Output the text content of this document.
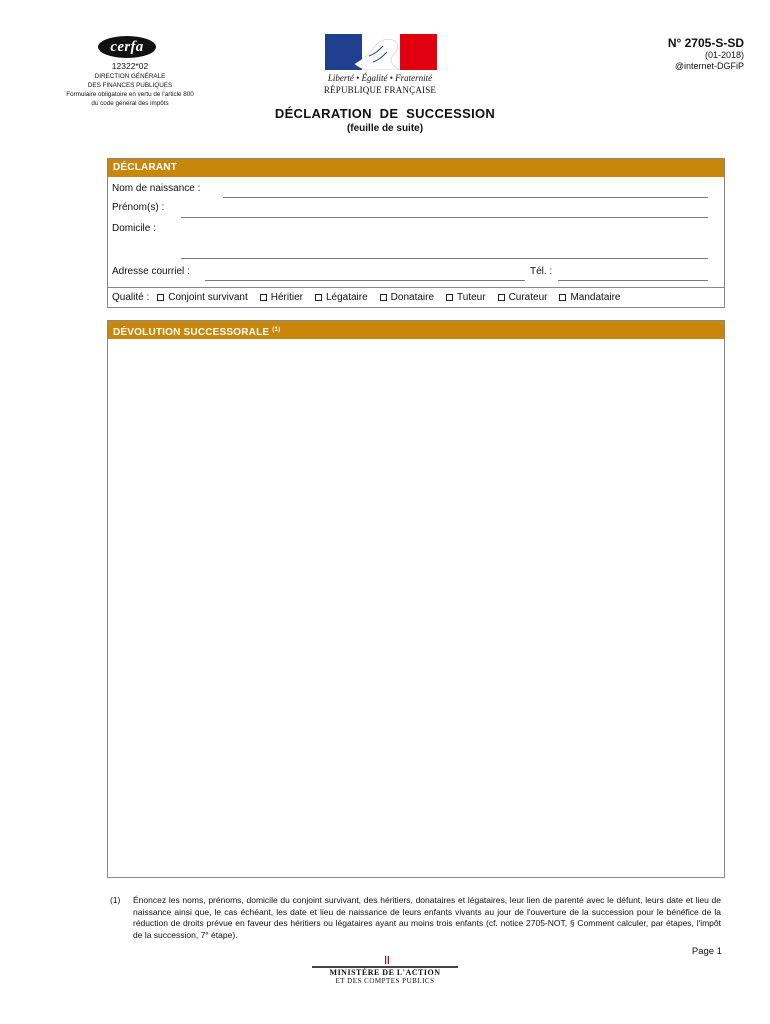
cerfa
12322*02
DIRECTION GÉNÉRALE
DES FINANCES PUBLIQUES
Formulaire obligatoire en vertu de l'article 800
du code général des impôts
Liberté • Égalité • Fraternité
RÉPUBLIQUE FRANÇAISE
N° 2705-S-SD
(01-2018)
@internet-DGFiP
DÉCLARATION  DE  SUCCESSION
(feuille de suite)
DÉCLARANT
Nom de naissance :
Prénom(s) :
Domicile :
Adresse courriel :	Tél. :
Qualité : Conjoint survivant Héritier Légataire Donataire Tuteur Curateur Mandataire
DÉVOLUTION SUCCESSORALE $^{(1)}$
(1) Énoncez les noms, prénoms, domicile du conjoint survivant, des héritiers, donataires et légataires, leur lien de parenté avec le défunt, leurs date et lieu de naissance ainsi que, le cas échéant, les date et lieu de naissance de leurs enfants vivants au jour de l'ouverture de la succession pour le bénéfice de la réduction de droits prévue en faveur des héritiers ou légataires ayant au moins trois enfants (cf. notice 2705-NOT, § Comment calculer, par étapes, l'impôt de la succession, 7° étape).
Page 1
MINISTÈRE DE L'ACTION
ET DES COMPTES PUBLICS
